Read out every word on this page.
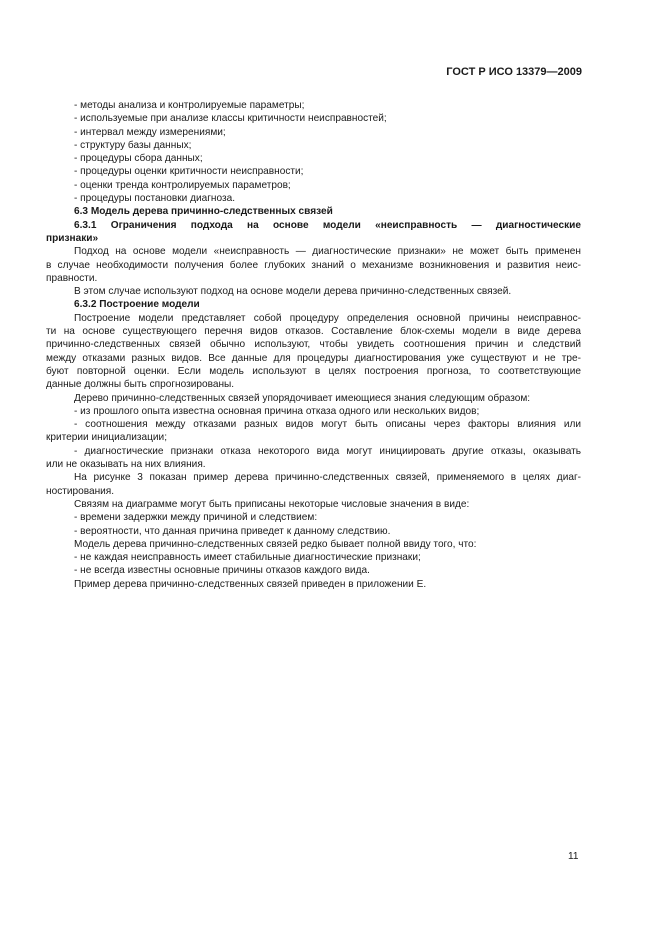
ГОСТ Р ИСО 13379—2009
- методы анализа и контролируемые параметры;
- используемые при анализе классы критичности неисправностей;
- интервал между измерениями;
- структуру базы данных;
- процедуры сбора данных;
- процедуры оценки критичности неисправности;
- оценки тренда контролируемых параметров;
- процедуры постановки диагноза.
6.3 Модель дерева причинно-следственных связей
6.3.1 Ограничения подхода на основе модели «неисправность — диагностические
признаки»
Подход на основе модели «неисправность — диагностические признаки» не может быть применен
в случае необходимости получения более глубоких знаний о механизме возникновения и развития неис-
правности.
В этом случае используют подход на основе модели дерева причинно-следственных связей.
6.3.2 Построение модели
Построение модели представляет собой процедуру определения основной причины неисправнос-
ти на основе существующего перечня видов отказов. Составление блок-схемы модели в виде дерева
причинно-следственных связей обычно используют, чтобы увидеть соотношения причин и следствий
между отказами разных видов. Все данные для процедуры диагностирования уже существуют и не тре-
буют повторной оценки. Если модель используют в целях построения прогноза, то соответствующие
данные должны быть спрогнозированы.
Дерево причинно-следственных связей упорядочивает имеющиеся знания следующим образом:
- из прошлого опыта известна основная причина отказа одного или нескольких видов;
- соотношения между отказами разных видов могут быть описаны через факторы влияния или
критерии инициализации;
- диагностические признаки отказа некоторого вида могут инициировать другие отказы, оказывать
или не оказывать на них влияния.
На рисунке 3 показан пример дерева причинно-следственных связей, применяемого в целях диаг-
ностирования.
Связям на диаграмме могут быть приписаны некоторые числовые значения в виде:
- времени задержки между причиной и следствием:
- вероятности, что данная причина приведет к данному следствию.
Модель дерева причинно-следственных связей редко бывает полной ввиду того, что:
- не каждая неисправность имеет стабильные диагностические признаки;
- не всегда известны основные причины отказов каждого вида.
Пример дерева причинно-следственных связей приведен в приложении Е.
11
